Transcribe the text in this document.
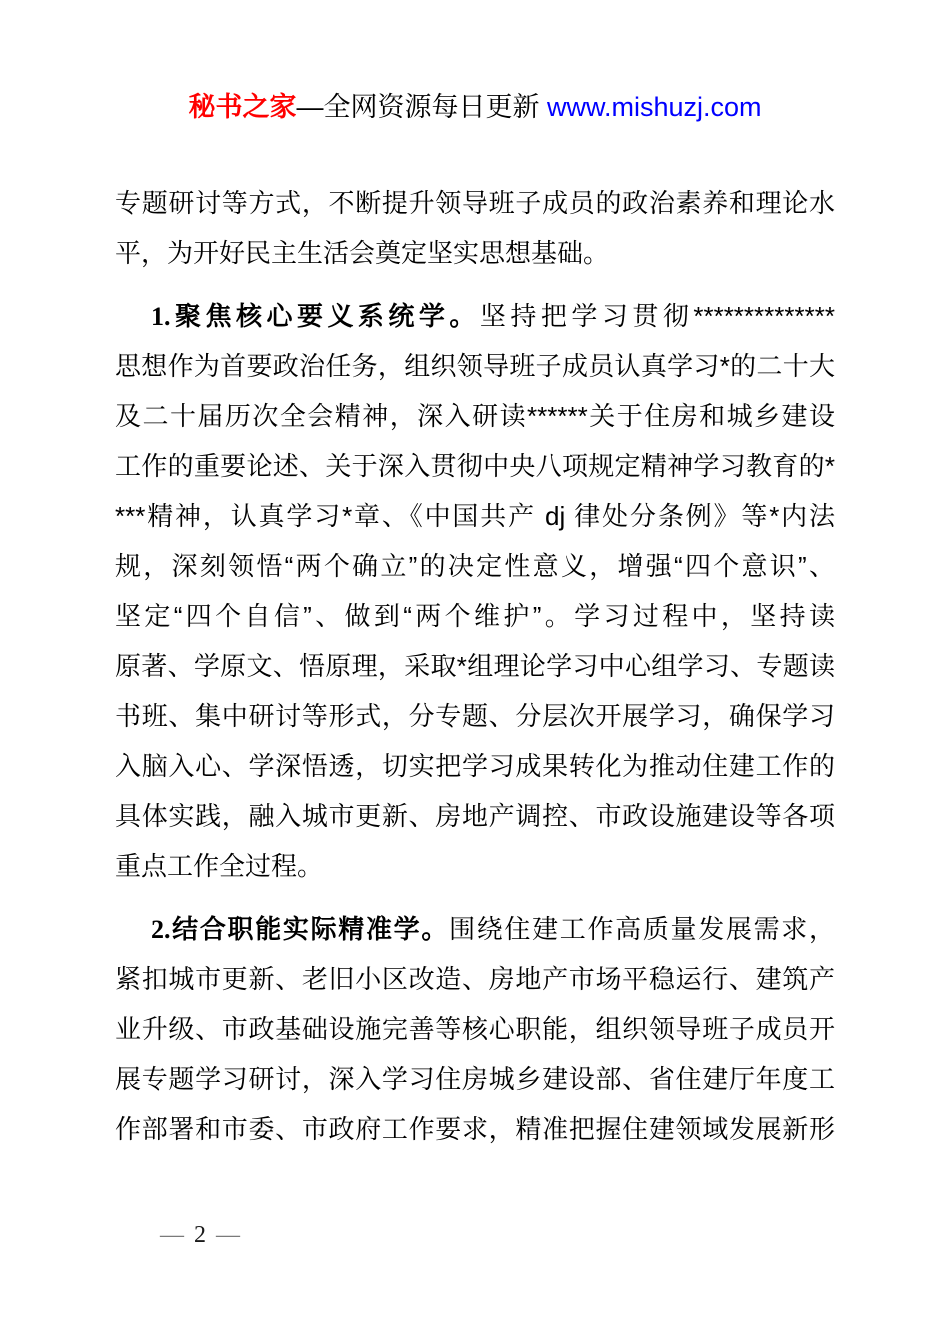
秘书之家—全网资源每日更新 www.mishuzj.com
专题研讨等方式，不断提升领导班子成员的政治素养和理论水
平，为开好民主生活会奠定坚实思想基础。
1.聚焦核心要义系统学。坚持把学习贯彻**************
思想作为首要政治任务，组织领导班子成员认真学习*的二十大
及二十届历次全会精神，深入研读******关于住房和城乡建设
工作的重要论述、关于深入贯彻中央八项规定精神学习教育的*
***精神，认真学习*章、《中国共产 dj 律处分条例》等*内法
规，深刻领悟“两个确立”的决定性意义，增强“四个意识”、
坚定“四个自信”、做到“两个维护”。学习过程中，坚持读
原著、学原文、悟原理，采取*组理论学习中心组学习、专题读
书班、集中研讨等形式，分专题、分层次开展学习，确保学习
入脑入心、学深悟透，切实把学习成果转化为推动住建工作的
具体实践，融入城市更新、房地产调控、市政设施建设等各项
重点工作全过程。
2.结合职能实际精准学。围绕住建工作高质量发展需求，
紧扣城市更新、老旧小区改造、房地产市场平稳运行、建筑产
业升级、市政基础设施完善等核心职能，组织领导班子成员开
展专题学习研讨，深入学习住房城乡建设部、省住建厅年度工
作部署和市委、市政府工作要求，精准把握住建领域发展新形
— 2 —
